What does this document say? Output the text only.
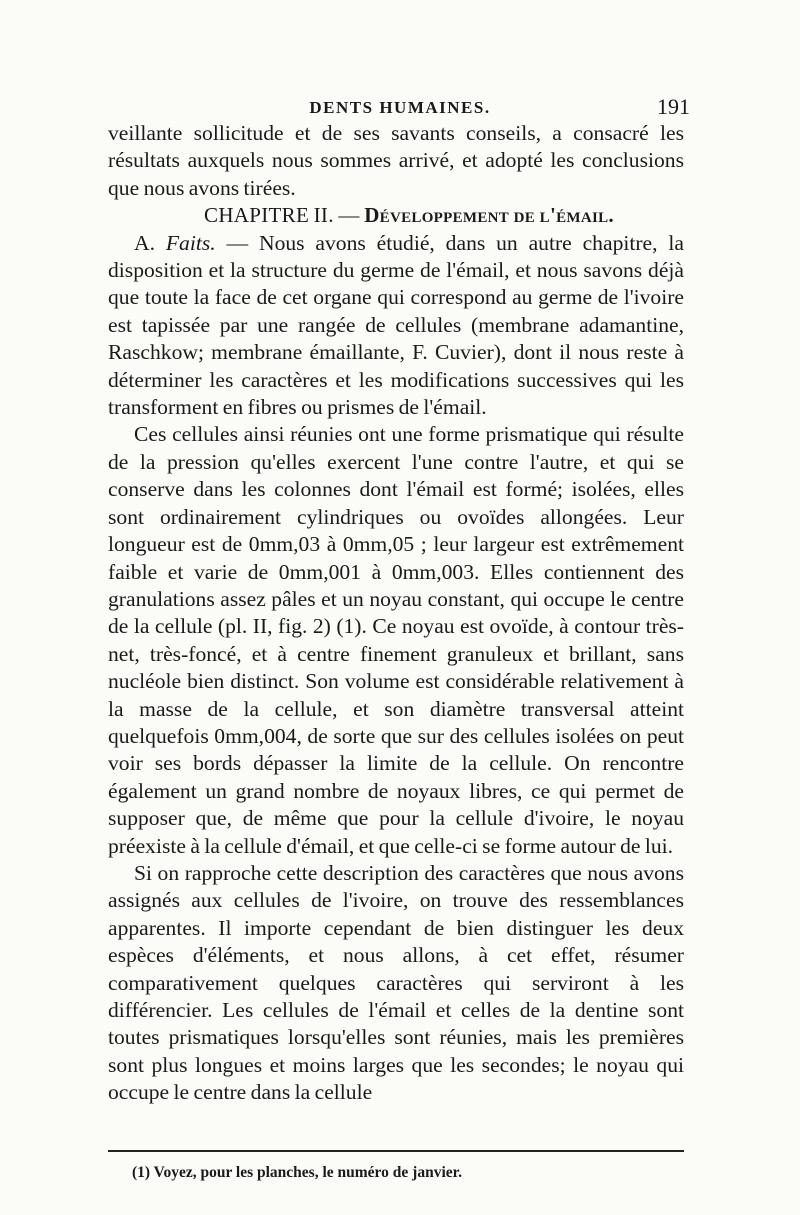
DENTS HUMAINES.	191

veillante sollicitude et de ses savants conseils, a consacré les résultats auxquels nous sommes arrivé, et adopté les conclusions que nous avons tirées.

CHAPITRE II. — Développement de l'émail.

A. Faits. — Nous avons étudié, dans un autre chapitre, la disposition et la structure du germe de l'émail, et nous savons déjà que toute la face de cet organe qui correspond au germe de l'ivoire est tapissée par une rangée de cellules (membrane adamantine, Raschkow; membrane émaillante, F. Cuvier), dont il nous reste à déterminer les caractères et les modifications successives qui les transforment en fibres ou prismes de l'émail.

Ces cellules ainsi réunies ont une forme prismatique qui résulte de la pression qu'elles exercent l'une contre l'autre, et qui se conserve dans les colonnes dont l'émail est formé; isolées, elles sont ordinairement cylindriques ou ovoïdes allongées. Leur longueur est de 0mm,03 à 0mm,05 ; leur largeur est extrêmement faible et varie de 0mm,001 à 0mm,003. Elles contiennent des granulations assez pâles et un noyau constant, qui occupe le centre de la cellule (pl. II, fig. 2) (1). Ce noyau est ovoïde, à contour très-net, très-foncé, et à centre finement granuleux et brillant, sans nucléole bien distinct. Son volume est considérable relativement à la masse de la cellule, et son diamètre transversal atteint quelquefois 0mm,004, de sorte que sur des cellules isolées on peut voir ses bords dépasser la limite de la cellule. On rencontre également un grand nombre de noyaux libres, ce qui permet de supposer que, de même que pour la cellule d'ivoire, le noyau préexiste à la cellule d'émail, et que celle-ci se forme autour de lui.

Si on rapproche cette description des caractères que nous avons assignés aux cellules de l'ivoire, on trouve des ressemblances apparentes. Il importe cependant de bien distinguer les deux espèces d'éléments, et nous allons, à cet effet, résumer comparativement quelques caractères qui serviront à les différencier. Les cellules de l'émail et celles de la dentine sont toutes prismatiques lorsqu'elles sont réunies, mais les premières sont plus longues et moins larges que les secondes; le noyau qui occupe le centre dans la cellule

(1) Voyez, pour les planches, le numéro de janvier.
